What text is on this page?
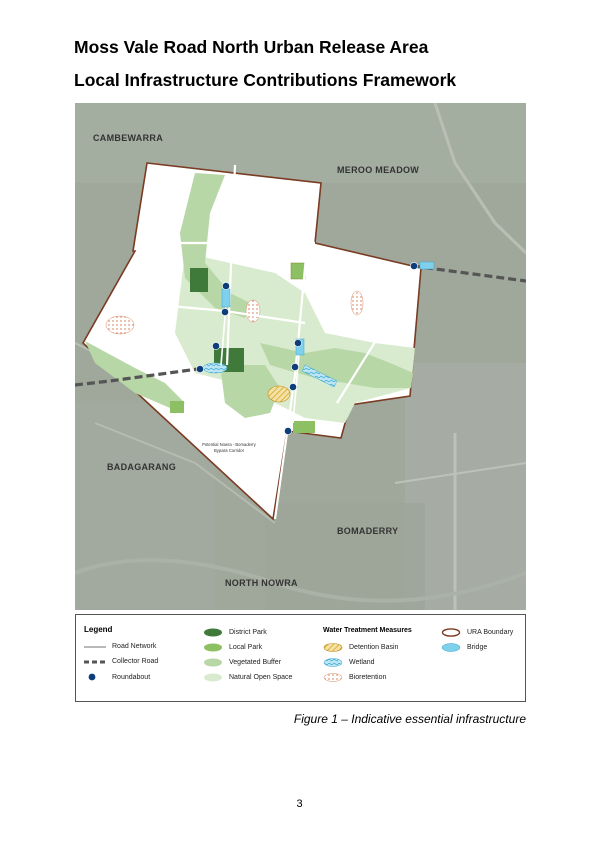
Moss Vale Road North Urban Release Area
Local Infrastructure Contributions Framework
Potential Nowra - Bomaderry
Bypass Corridor
CAMBEWARRA
MEROO MEADOW
BADAGARANG
BOMADERRY
NORTH NOWRA
Legend
Road Network
Collector Road
Roundabout
District Park
Local Park
Vegetated Buffer
Natural Open Space
Water Treatment Measures
Detention Basin
Wetland
Bioretention
URA Boundary
Bridge
Figure 1 – Indicative essential infrastructure
3
